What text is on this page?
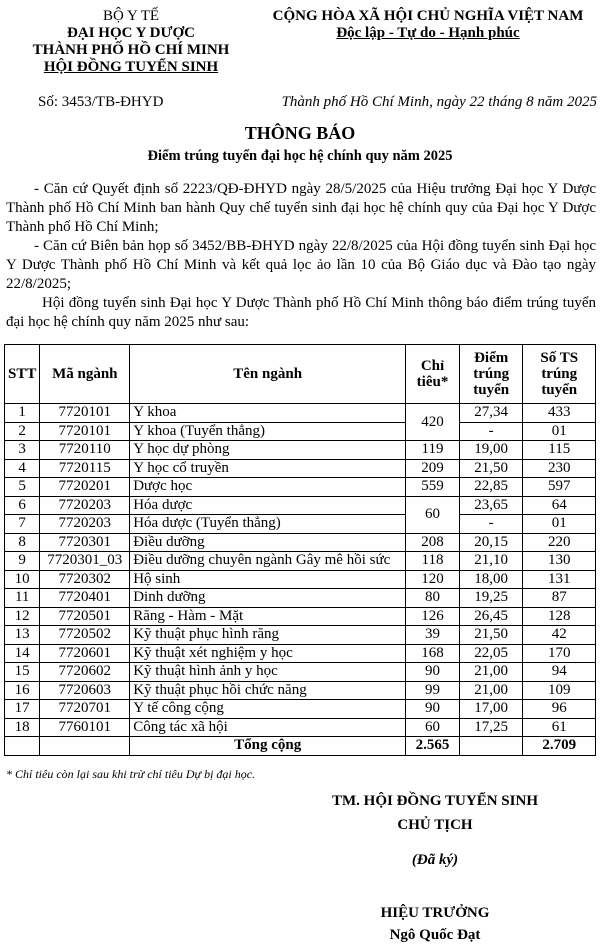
BỘ Y TẾ
ĐẠI HỌC Y DƯỢC
THÀNH PHỐ HỒ CHÍ MINH
HỘI ĐỒNG TUYỂN SINH
CỘNG HÒA XÃ HỘI CHỦ NGHĨA VIỆT NAM
Độc lập - Tự do - Hạnh phúc
Số: 3453/TB-ĐHYD	Thành phố Hồ Chí Minh, ngày 22 tháng 8 năm 2025
THÔNG BÁO
Điểm trúng tuyển đại học hệ chính quy năm 2025
- Căn cứ Quyết định số 2223/QĐ-ĐHYD ngày 28/5/2025 của Hiệu trưởng Đại học Y Dược Thành phố Hồ Chí Minh ban hành Quy chế tuyển sinh đại học hệ chính quy của Đại học Y Dược Thành phố Hồ Chí Minh;
- Căn cứ Biên bản họp số 3452/BB-ĐHYD ngày 22/8/2025 của Hội đồng tuyển sinh Đại học Y Dược Thành phố Hồ Chí Minh và kết quả lọc ảo lần 10 của Bộ Giáo dục và Đào tạo ngày 22/8/2025;
Hội đồng tuyển sinh Đại học Y Dược Thành phố Hồ Chí Minh thông báo điểm trúng tuyển đại học hệ chính quy năm 2025 như sau:
STT	Mã ngành	Tên ngành	Chỉ tiêu*	Điểm trúng tuyển	Số TS trúng tuyển
1	7720101	Y khoa	420	27,34	433
2	7720101	Y khoa (Tuyển thẳng)		-	01
3	7720110	Y học dự phòng	119	19,00	115
4	7720115	Y học cổ truyền	209	21,50	230
5	7720201	Dược học	559	22,85	597
6	7720203	Hóa dược	60	23,65	64
7	7720203	Hóa dược (Tuyển thẳng)		-	01
8	7720301	Điều dưỡng	208	20,15	220
9	7720301_03	Điều dưỡng chuyên ngành Gây mê hồi sức	118	21,10	130
10	7720302	Hộ sinh	120	18,00	131
11	7720401	Dinh dưỡng	80	19,25	87
12	7720501	Răng - Hàm - Mặt	126	26,45	128
13	7720502	Kỹ thuật phục hình răng	39	21,50	42
14	7720601	Kỹ thuật xét nghiệm y học	168	22,05	170
15	7720602	Kỹ thuật hình ảnh y học	90	21,00	94
16	7720603	Kỹ thuật phục hồi chức năng	99	21,00	109
17	7720701	Y tế công cộng	90	17,00	96
18	7760101	Công tác xã hội	60	17,25	61
		Tổng cộng	2.565		2.709
* Chỉ tiêu còn lại sau khi trừ chỉ tiêu Dự bị đại học.
TM. HỘI ĐỒNG TUYỂN SINH
CHỦ TỊCH
(Đã ký)
HIỆU TRƯỞNG
Ngô Quốc Đạt
